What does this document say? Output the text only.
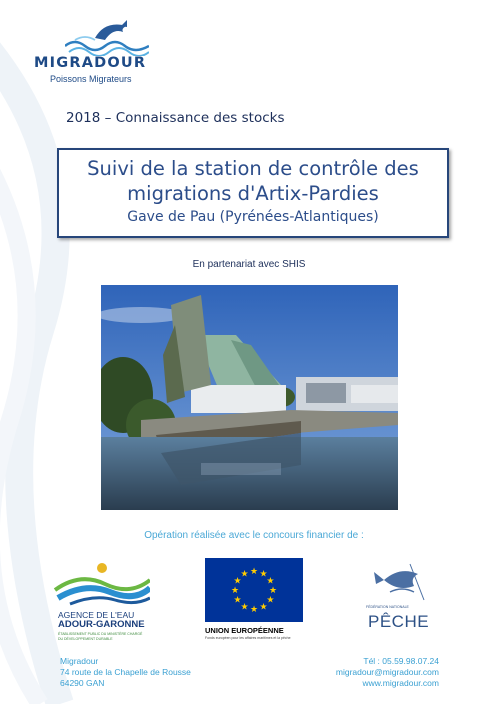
MIGRADOUR
Poissons Migrateurs
2018 – Connaissance des stocks
Suivi de la station de contrôle des
migrations d'Artix-Pardies
Gave de Pau (Pyrénées-Atlantiques)
En partenariat avec SHIS
Opération réalisée avec le concours financier de :
AGENCE DE L'EAU
ADOUR-GARONNE
ÉTABLISSEMENT PUBLIC DU MINISTÈRE CHARGÉ DU DÉVELOPPEMENT DURABLE
★ ★
★
★
★
★
★
★
★
★
★
★
UNION EUROPÉENNE
Fonds européen pour les affaires maritimes et la pêche
FÉDÉRATION NATIONALE
PÊCHE
Migradour
74 route de la Chapelle de Rousse
64290 GAN
Tél : 05.59.98.07.24
migradour@migradour.com
www.migradour.com
